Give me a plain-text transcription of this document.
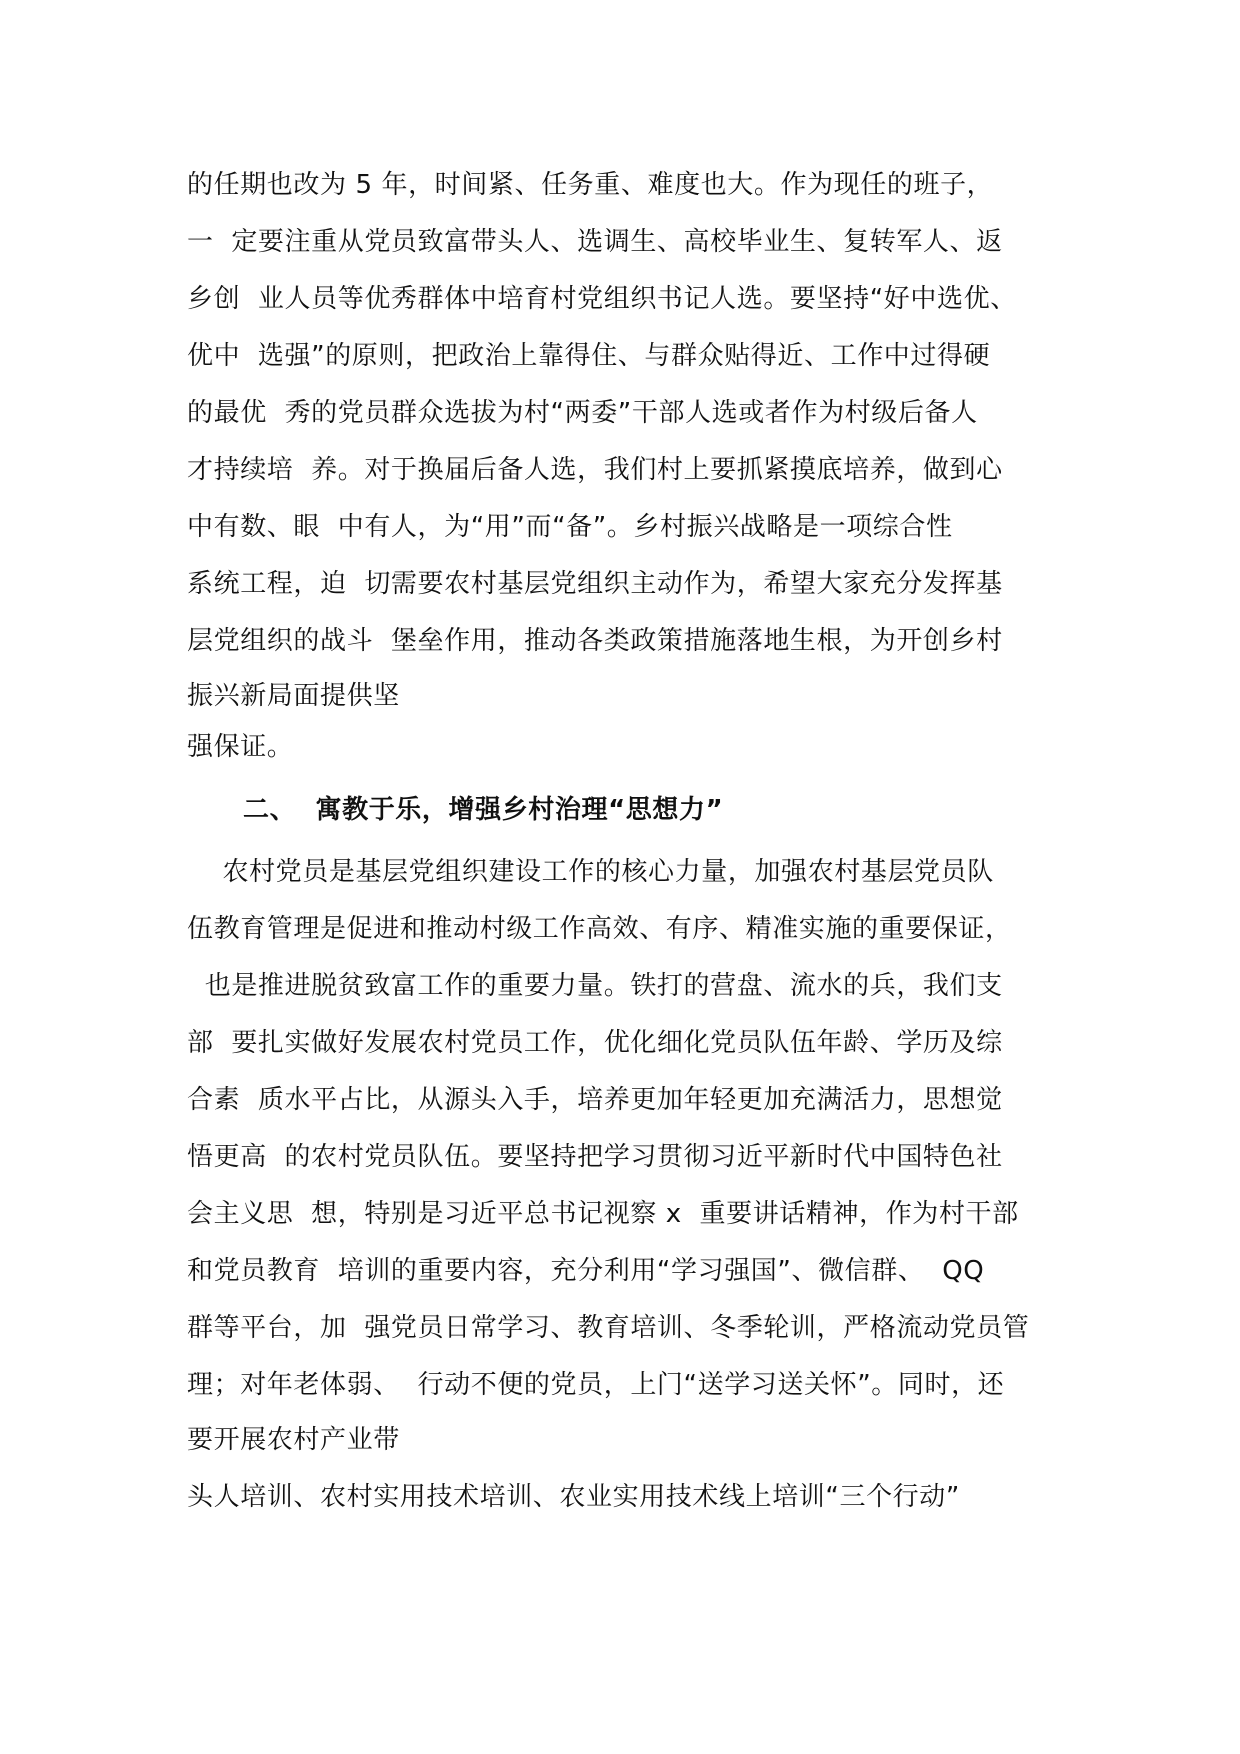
的任期也改为 5 年，时间紧、任务重、难度也大。作为现任的班子，
一  定要注重从党员致富带头人、选调生、高校毕业生、复转军人、返
乡创  业人员等优秀群体中培育村党组织书记人选。要坚持“好中选优、
优中  选强”的原则，把政治上靠得住、与群众贴得近、工作中过得硬
的最优  秀的党员群众选拔为村“两委”干部人选或者作为村级后备人
才持续培  养。对于换届后备人选，我们村上要抓紧摸底培养，做到心
中有数、眼  中有人，为“用”而“备”。乡村振兴战略是一项综合性
系统工程，迫  切需要农村基层党组织主动作为，希望大家充分发挥基
层党组织的战斗  堡垒作用，推动各类政策措施落地生根，为开创乡村
振兴新局面提供坚
强保证。
二、  寓教于乐，增强乡村治理“思想力”
农村党员是基层党组织建设工作的核心力量，加强农村基层党员队
伍教育管理是促进和推动村级工作高效、有序、精准实施的重要保证，
也是推进脱贫致富工作的重要力量。铁打的营盘、流水的兵，我们支
部  要扎实做好发展农村党员工作，优化细化党员队伍年龄、学历及综
合素  质水平占比，从源头入手，培养更加年轻更加充满活力，思想觉
悟更高  的农村党员队伍。要坚持把学习贯彻习近平新时代中国特色社
会主义思  想，特别是习近平总书记视察 x  重要讲话精神，作为村干部
和党员教育  培训的重要内容，充分利用“学习强国”、微信群、  QQ
群等平台，加  强党员日常学习、教育培训、冬季轮训，严格流动党员管
理；对年老体弱、  行动不便的党员，上门“送学习送关怀”。同时，还
要开展农村产业带
头人培训、农村实用技术培训、农业实用技术线上培训“三个行动”
